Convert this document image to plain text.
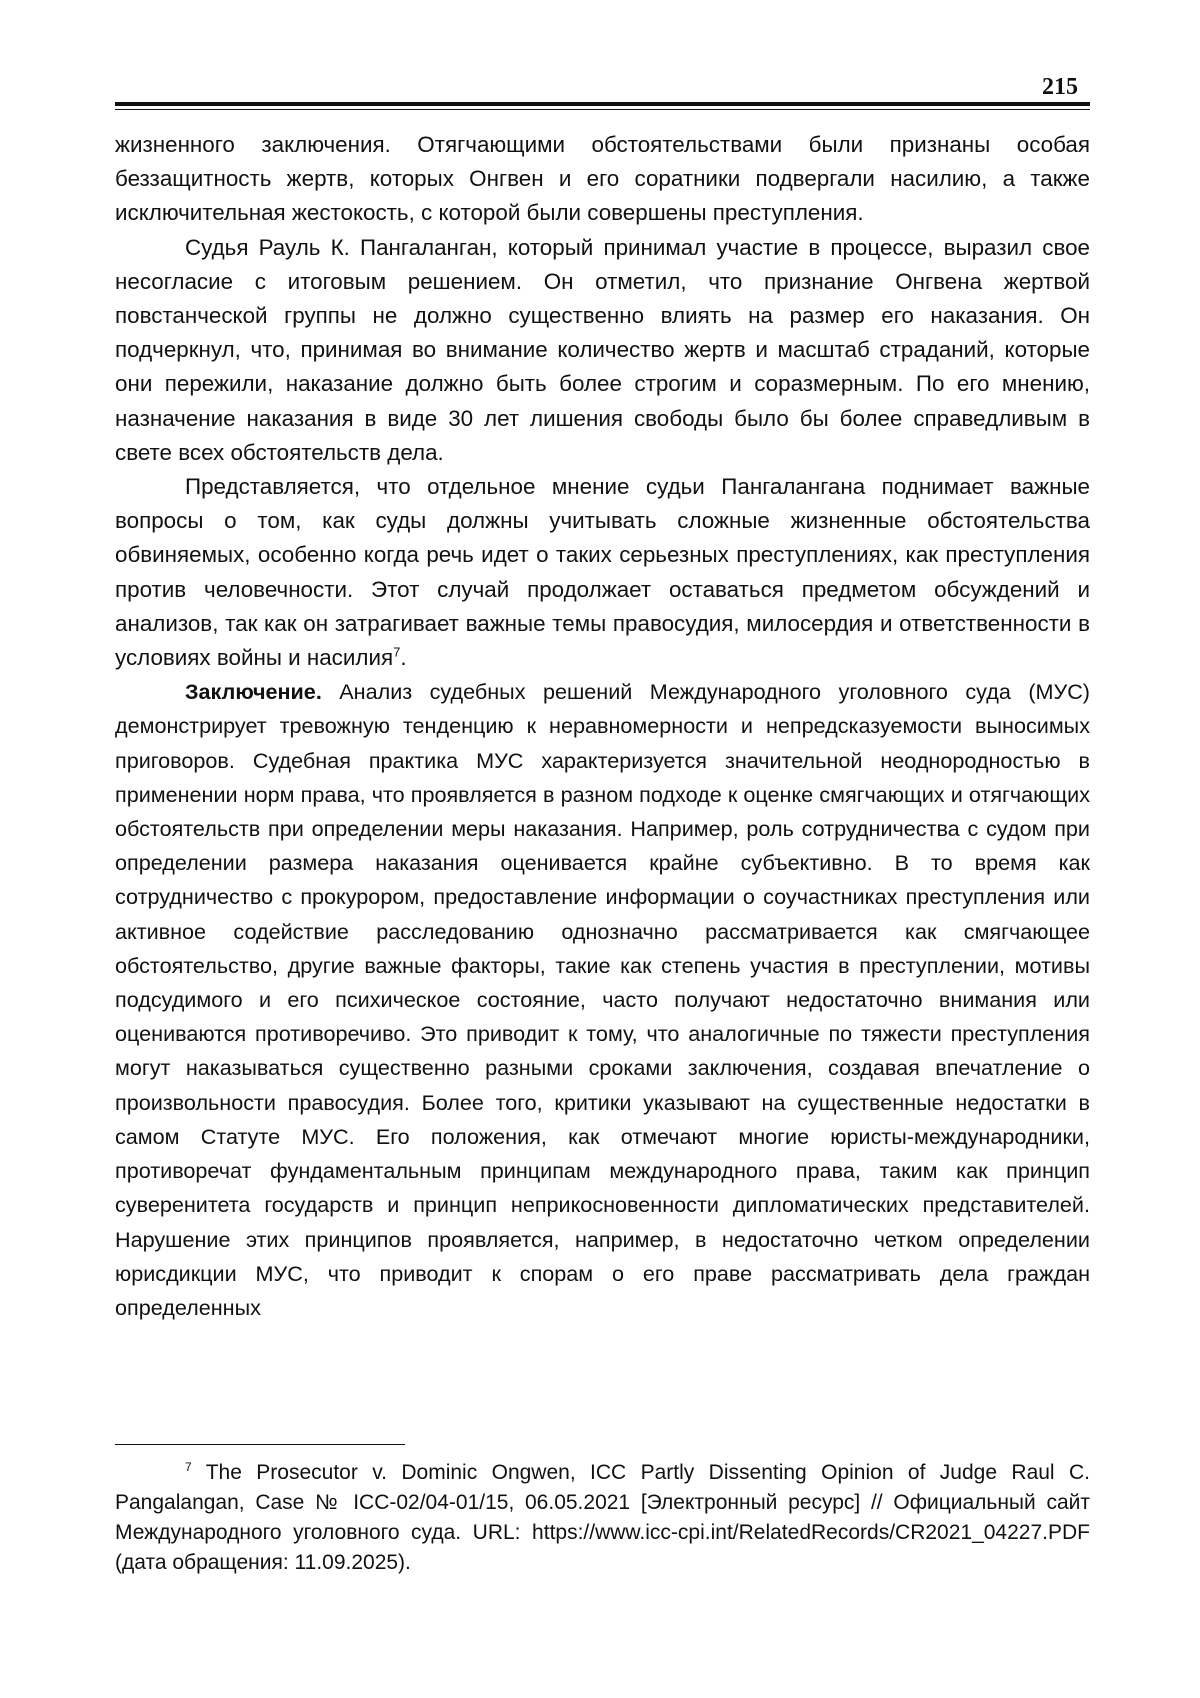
215

жизненного заключения. Отягчающими обстоятельствами были признаны особая беззащитность жертв, которых Онгвен и его соратники подвергали насилию, а также исключительная жестокость, с которой были совершены преступления.

Судья Рауль К. Пангаланган, который принимал участие в процессе, выразил свое несогласие с итоговым решением. Он отметил, что признание Онгвена жертвой повстанческой группы не должно существенно влиять на размер его наказания. Он подчеркнул, что, принимая во внимание количество жертв и масштаб страданий, которые они пережили, наказание должно быть более строгим и соразмерным. По его мнению, назначение наказания в виде 30 лет лишения свободы было бы более справедливым в свете всех обстоятельств дела.

Представляется, что отдельное мнение судьи Пангалангана поднимает важные вопросы о том, как суды должны учитывать сложные жизненные обстоятельства обвиняемых, особенно когда речь идет о таких серьезных преступлениях, как преступления против человечности. Этот случай продолжает оставаться предметом обсуждений и анализов, так как он затрагивает важные темы правосудия, милосердия и ответственности в условиях войны и насилия$^7$.

Заключение. Анализ судебных решений Международного уголовного суда (МУС) демонстрирует тревожную тенденцию к неравномерности и непредсказуемости выносимых приговоров. Судебная практика МУС характеризуется значительной неоднородностью в применении норм права, что проявляется в разном подходе к оценке смягчающих и отягчающих обстоятельств при определении меры наказания. Например, роль сотрудничества с судом при определении размера наказания оценивается крайне субъективно. В то время как сотрудничество с прокурором, предоставление информации о соучастниках преступления или активное содействие расследованию однозначно рассматривается как смягчающее обстоятельство, другие важные факторы, такие как степень участия в преступлении, мотивы подсудимого и его психическое состояние, часто получают недостаточно внимания или оцениваются противоречиво. Это приводит к тому, что аналогичные по тяжести преступления могут наказываться существенно разными сроками заключения, создавая впечатление о произвольности правосудия. Более того, критики указывают на существенные недостатки в самом Статуте МУС. Его положения, как отмечают многие юристы-международники, противоречат фундаментальным принципам международного права, таким как принцип суверенитета государств и принцип неприкосновенности дипломатических представителей. Нарушение этих принципов проявляется, например, в недостаточно четком определении юрисдикции МУС, что приводит к спорам о его праве рассматривать дела граждан определенных

$^7$ The Prosecutor v. Dominic Ongwen, ICC Partly Dissenting Opinion of Judge Raul C. Pangalangan, Case № ICC-02/04-01/15, 06.05.2021 [Электронный ресурс] // Официальный сайт Международного уголовного суда. URL: https://www.icc-cpi.int/RelatedRecords/CR2021_04227.PDF (дата обращения: 11.09.2025).
